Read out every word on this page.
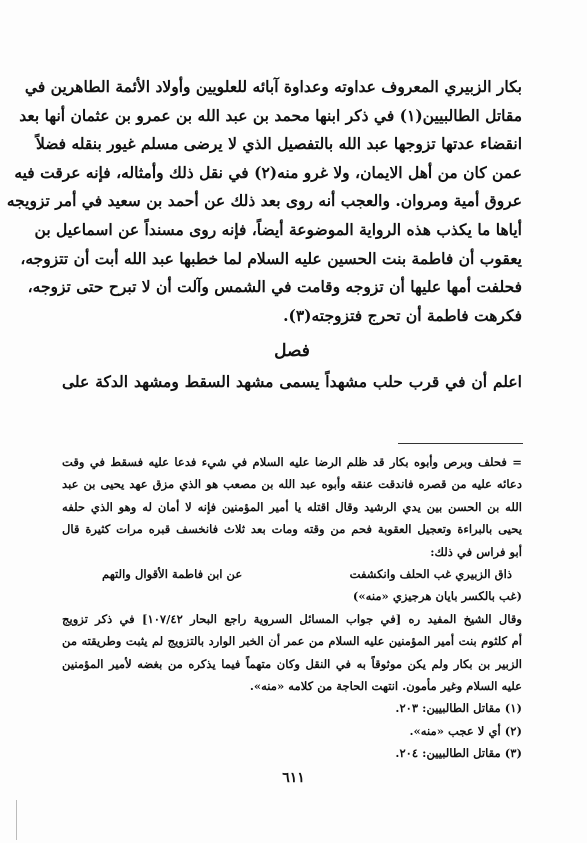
بكار الزبيري المعروف عداوته وعداوة آبائه للعلويين وأولاد الأئمة الطاهرين في
مقاتل الطالبيين(١) في ذكر ابنها محمد بن عبد الله بن عمرو بن عثمان أنها بعد
انقضاء عدتها تزوجها عبد الله بالتفصيل الذي لا يرضى مسلم غيور بنقله فضلاً
عمن كان من أهل الايمان، ولا غرو منه(٢) في نقل ذلك وأمثاله، فإنه عرقت فيه
عروق أمية ومروان. والعجب أنه روى بعد ذلك عن أحمد بن سعيد في أمر تزويجه
أياها ما يكذب هذه الرواية الموضوعة أيضاً، فإنه روى مسنداً عن اسماعيل بن
يعقوب أن فاطمة بنت الحسين عليه السلام لما خطبها عبد الله أبت أن تتزوجه،
فحلفت أمها عليها أن تزوجه وقامت في الشمس وآلت أن لا تبرح حتى تزوجه،
فكرهت فاطمة أن تحرج فتزوجته(٣).
فصل
اعلم أن في قرب حلب مشهداً يسمى مشهد السقط ومشهد الدكة على
= فحلف وبرص وأبوه بكار قد ظلم الرضا عليه السلام في شيء فدعا عليه فسقط في وقت
دعائه عليه من قصره فاندقت عنقه وأبوه عبد الله بن مصعب هو الذي مزق عهد يحيى بن عبد
الله بن الحسن بين يدي الرشيد وقال اقتله يا أمير المؤمنين فإنه لا أمان له وهو الذي حلفه
يحيى بالبراءة وتعجيل العقوبة فحم من وقته ومات بعد ثلاث فانخسف قبره مرات كثيرة قال
أبو فراس في ذلك:
ذاق الزبيري غب الحلف وانكشفت
عن ابن فاطمة الأقوال والتهم
(غب بالكسر بايان هرجيزي «منه»)
وقال الشيخ المفيد ره [في جواب المسائل السروية راجع البحار ١٠٧/٤٢] في ذكر تزويج
أم كلثوم بنت أمير المؤمنين عليه السلام من عمر أن الخبر الوارد بالتزويج لم يثبت وطريقته من
الزبير بن بكار ولم يكن موثوقاً به في النقل وكان متهماً فيما يذكره من بغضه لأمير المؤمنين
عليه السلام وغير مأمون. انتهت الحاجة من كلامه «منه».
(١) مقاتل الطالبيين: ٢٠٣.
(٢) أي لا عجب «منه».
(٣) مقاتل الطالبيين: ٢٠٤.
٦١١
